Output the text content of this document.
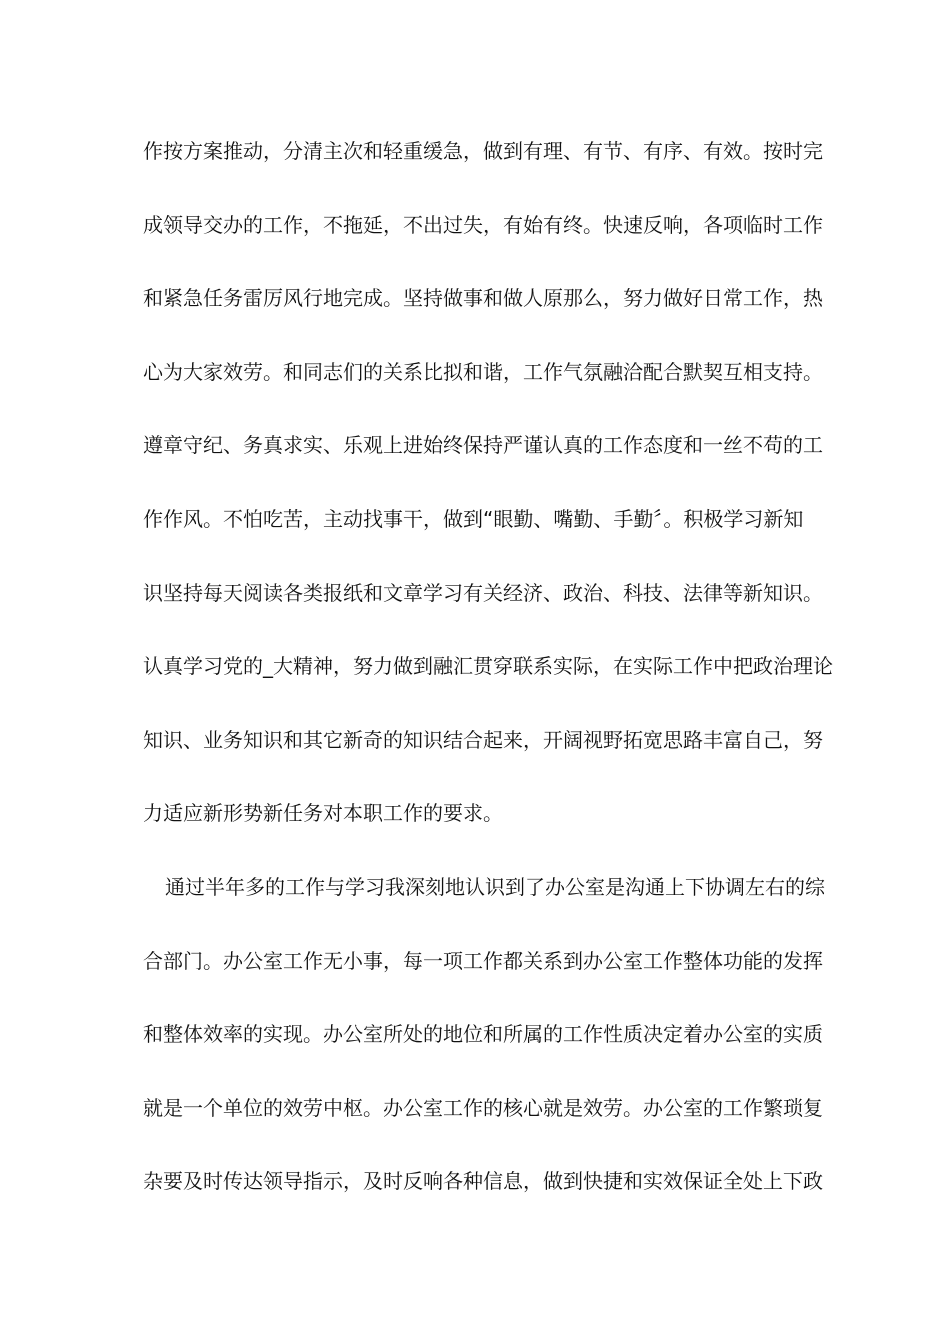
作按方案推动，分清主次和轻重缓急，做到有理、有节、有序、有效。按时完
成领导交办的工作，不拖延，不出过失，有始有终。快速反响，各项临时工作
和紧急任务雷厉风行地完成。坚持做事和做人原那么，努力做好日常工作，热
心为大家效劳。和同志们的关系比拟和谐，工作气氛融洽配合默契互相支持。
遵章守纪、务真求实、乐观上进始终保持严谨认真的工作态度和一丝不苟的工
作作风。不怕吃苦，主动找事干，做到“眼勤、嘴勤、手勤〞。积极学习新知
识坚持每天阅读各类报纸和文章学习有关经济、政治、科技、法律等新知识。
认真学习党的_大精神，努力做到融汇贯穿联系实际，在实际工作中把政治理论
知识、业务知识和其它新奇的知识结合起来，开阔视野拓宽思路丰富自己，努
力适应新形势新任务对本职工作的要求。
通过半年多的工作与学习我深刻地认识到了办公室是沟通上下协调左右的综
合部门。办公室工作无小事，每一项工作都关系到办公室工作整体功能的发挥
和整体效率的实现。办公室所处的地位和所属的工作性质决定着办公室的实质
就是一个单位的效劳中枢。办公室工作的核心就是效劳。办公室的工作繁琐复
杂要及时传达领导指示，及时反响各种信息，做到快捷和实效保证全处上下政
